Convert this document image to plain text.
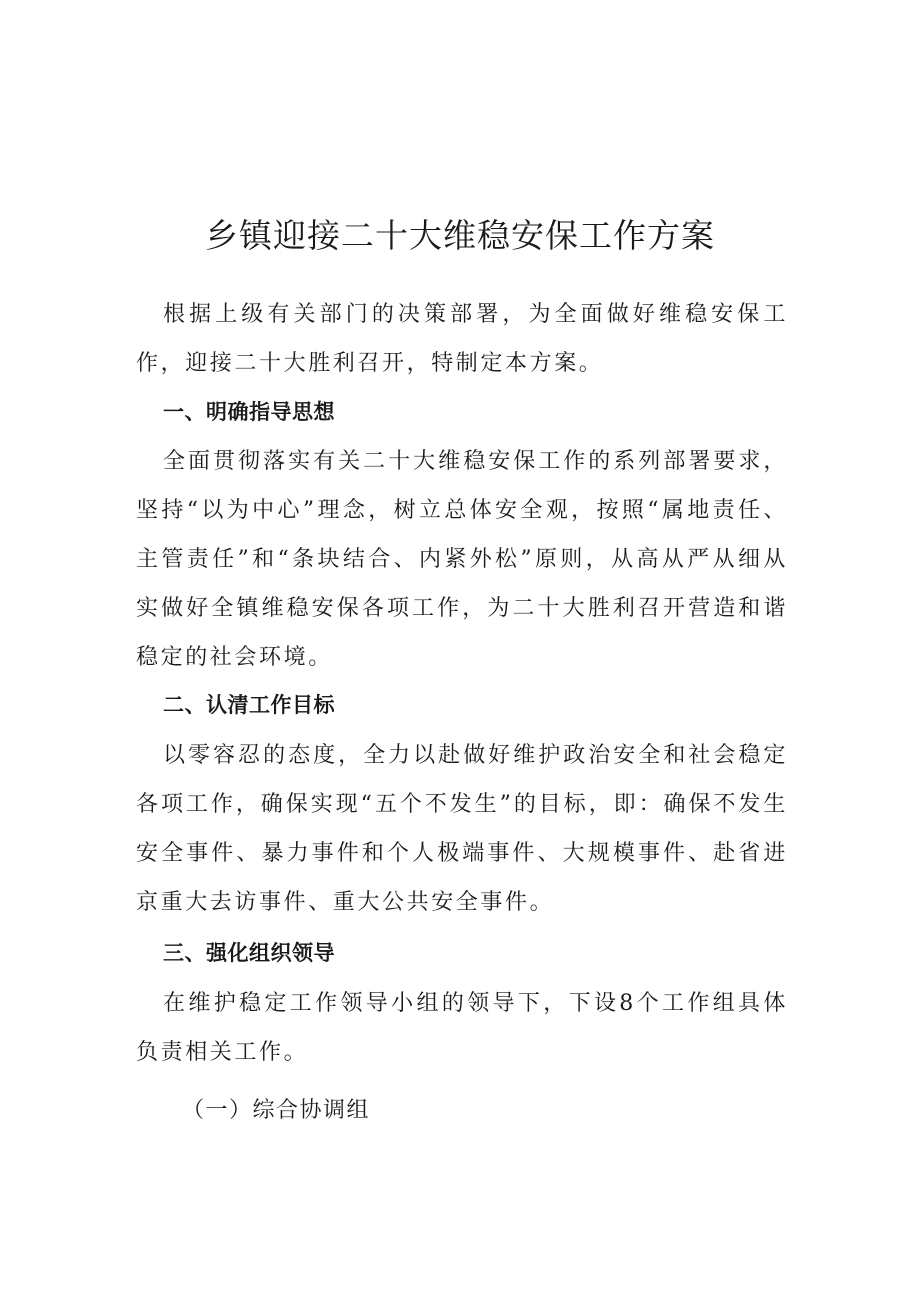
乡镇迎接二十大维稳安保工作方案

根据上级有关部门的决策部署，为全面做好维稳安保工作，迎接二十大胜利召开，特制定本方案。

一、明确指导思想

全面贯彻落实有关二十大维稳安保工作的系列部署要求，坚持“以为中心”理念，树立总体安全观，按照“属地责任、主管责任”和“条块结合、内紧外松”原则，从高从严从细从实做好全镇维稳安保各项工作，为二十大胜利召开营造和谐稳定的社会环境。

二、认清工作目标

以零容忍的态度，全力以赴做好维护政治安全和社会稳定各项工作，确保实现“五个不发生”的目标，即：确保不发生安全事件、暴力事件和个人极端事件、大规模事件、赴省进京重大去访事件、重大公共安全事件。

三、强化组织领导

在维护稳定工作领导小组的领导下，下设8个工作组具体负责相关工作。

（一）综合协调组
